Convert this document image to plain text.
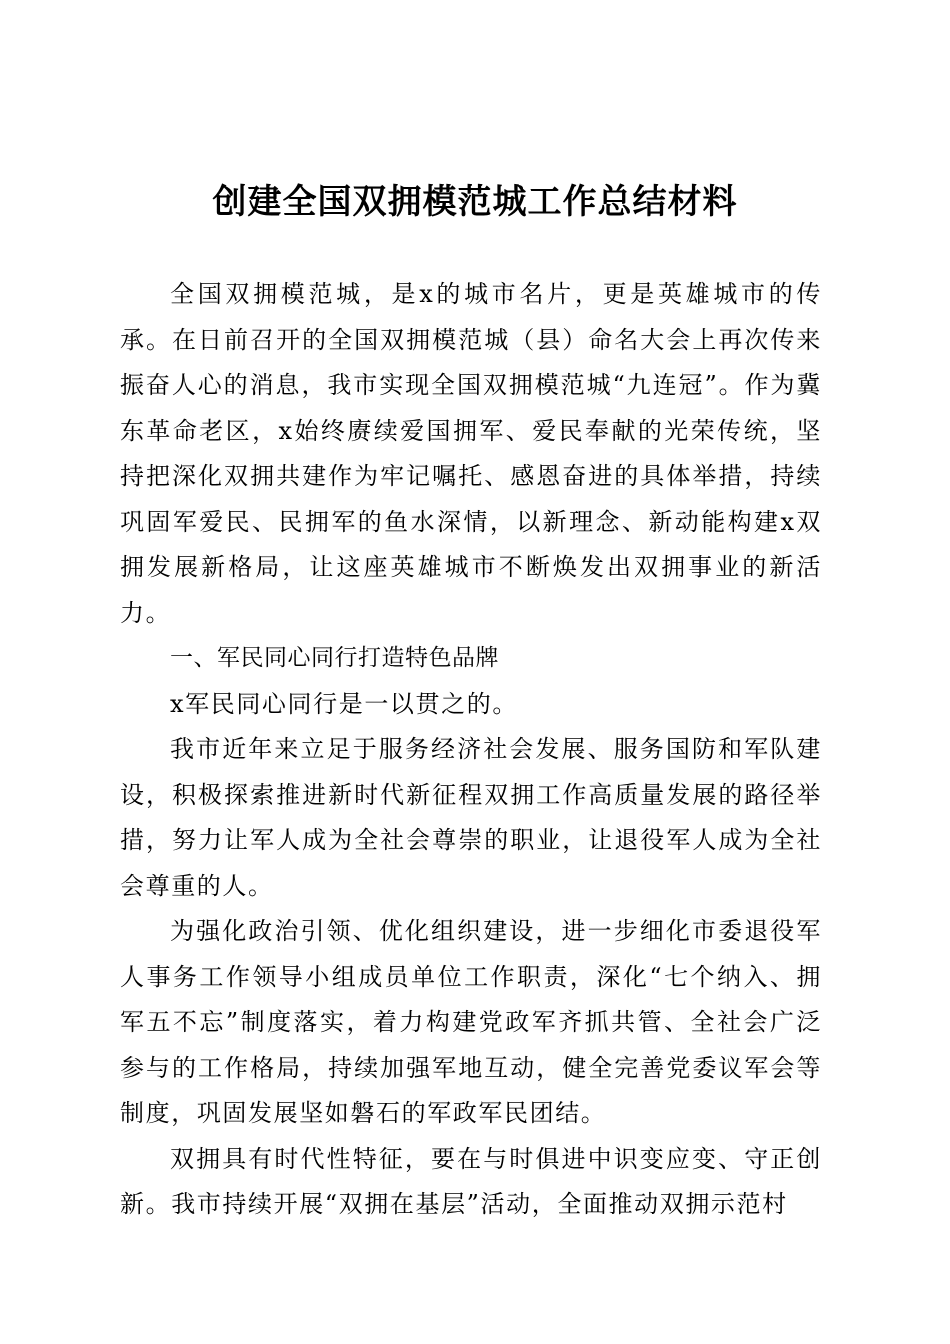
创建全国双拥模范城工作总结材料

全国双拥模范城，是x的城市名片，更是英雄城市的传承。在日前召开的全国双拥模范城（县）命名大会上再次传来振奋人心的消息，我市实现全国双拥模范城“九连冠”。作为冀东革命老区，x始终赓续爱国拥军、爱民奉献的光荣传统，坚持把深化双拥共建作为牢记嘱托、感恩奋进的具体举措，持续巩固军爱民、民拥军的鱼水深情，以新理念、新动能构建x双拥发展新格局，让这座英雄城市不断焕发出双拥事业的新活力。

一、军民同心同行打造特色品牌

x军民同心同行是一以贯之的。

我市近年来立足于服务经济社会发展、服务国防和军队建设，积极探索推进新时代新征程双拥工作高质量发展的路径举措，努力让军人成为全社会尊崇的职业，让退役军人成为全社会尊重的人。

为强化政治引领、优化组织建设，进一步细化市委退役军人事务工作领导小组成员单位工作职责，深化“七个纳入、拥军五不忘”制度落实，着力构建党政军齐抓共管、全社会广泛参与的工作格局，持续加强军地互动，健全完善党委议军会等制度，巩固发展坚如磐石的军政军民团结。

双拥具有时代性特征，要在与时俱进中识变应变、守正创新。我市持续开展“双拥在基层”活动，全面推动双拥示范村
